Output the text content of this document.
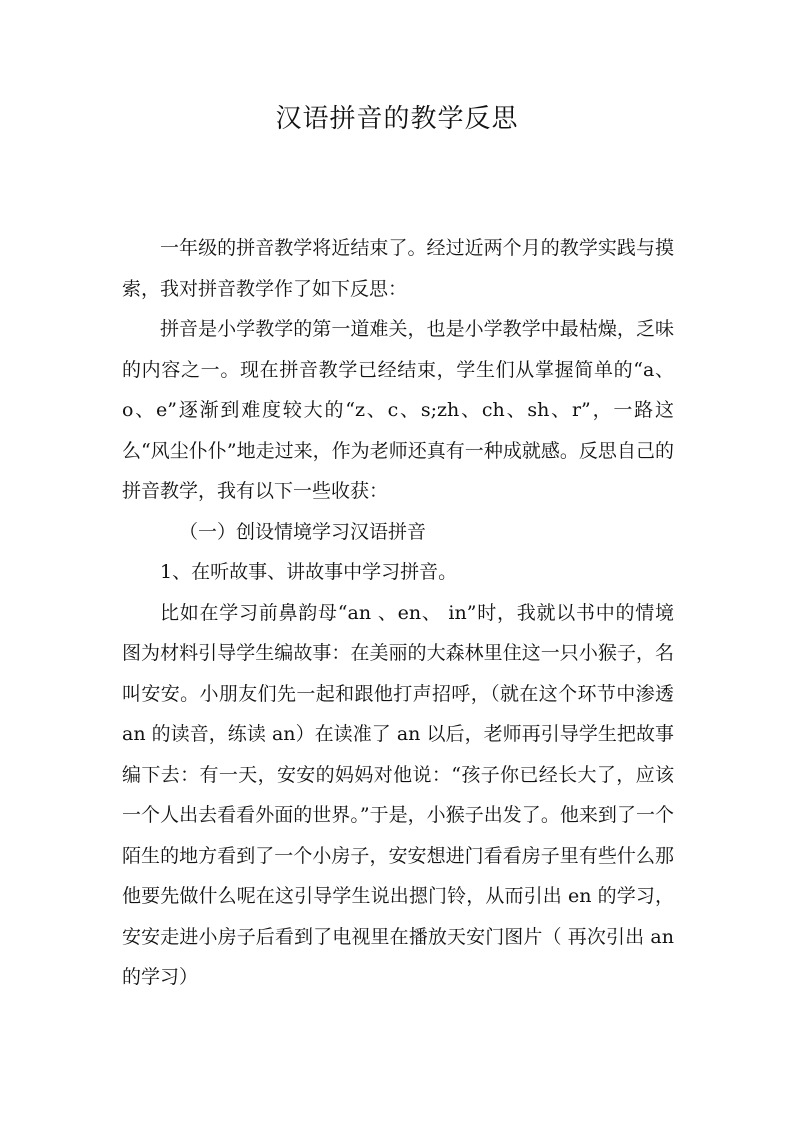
汉语拼音的教学反思

一年级的拼音教学将近结束了。经过近两个月的教学实践与摸索，我对拼音教学作了如下反思：

拼音是小学教学的第一道难关，也是小学教学中最枯燥，乏味的内容之一。现在拼音教学已经结束，学生们从掌握简单的“a、o、e”逐渐到难度较大的“z、c、s;zh、ch、sh、r”，一路这么“风尘仆仆”地走过来，作为老师还真有一种成就感。反思自己的拼音教学，我有以下一些收获：

（一）创设情境学习汉语拼音

1、在听故事、讲故事中学习拼音。

比如在学习前鼻韵母“an 、en、 in”时，我就以书中的情境图为材料引导学生编故事：在美丽的大森林里住这一只小猴子，名叫安安。小朋友们先一起和跟他打声招呼，（就在这个环节中渗透 an 的读音，练读 an）在读准了 an 以后，老师再引导学生把故事编下去：有一天，安安的妈妈对他说：“孩子你已经长大了，应该一个人出去看看外面的世界。”于是，小猴子出发了。他来到了一个陌生的地方看到了一个小房子，安安想进门看看房子里有些什么那他要先做什么呢在这引导学生说出摁门铃，从而引出 en 的学习，安安走进小房子后看到了电视里在播放天安门图片（ 再次引出 an 的学习）
